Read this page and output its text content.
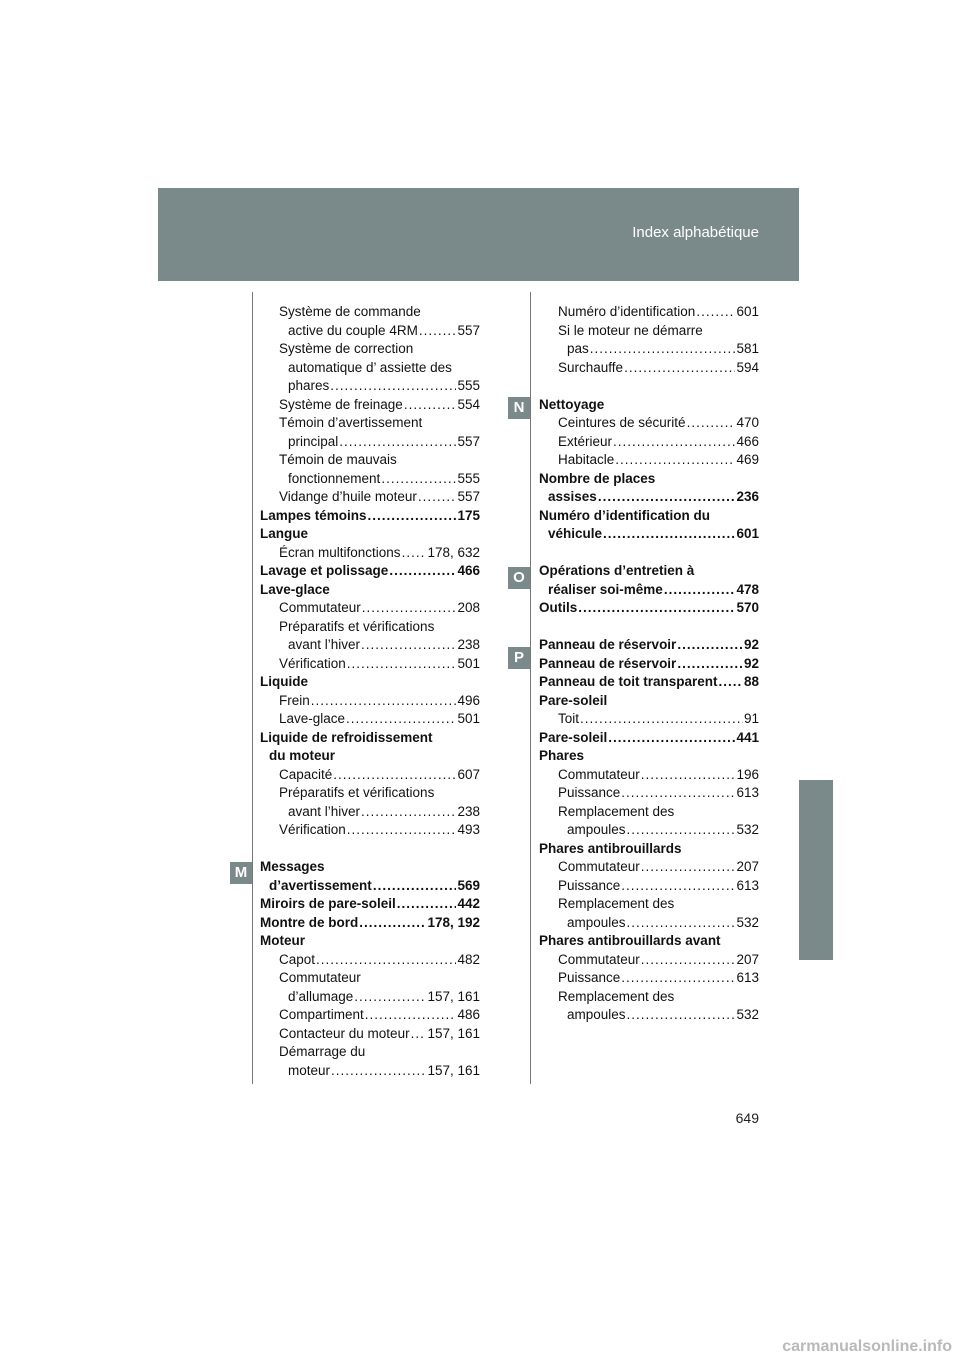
Index alphabétique
M
N
O
P
Système de commande
active du couple 4RM .....	557
Système de correction
automatique d’ assiette des
phares .....	555
Système de freinage .....	554
Témoin d’avertissement
principal .....	557
Témoin de mauvais
fonctionnement .....	555
Vidange d’huile moteur .....	557
Lampes témoins .....	175
Langue
Écran multifonctions ..... 178, 632
Lavage et polissage .....	466
Lave-glace
Commutateur .....	208
Préparatifs et vérifications
avant l’hiver .....	238
Vérification .....	501
Liquide
Frein .....	496
Lave-glace .....	501
Liquide de refroidissement
du moteur
Capacité .....	607
Préparatifs et vérifications
avant l’hiver .....	238
Vérification .....	493
Messages
d’avertissement .....	569
Miroirs de pare-soleil .....	442
Montre de bord .....	178, 192
Moteur
Capot .....	482
Commutateur
d’allumage .....	157, 161
Compartiment .....	486
Contacteur du moteur ..... 157, 161
Démarrage du
moteur .....	157, 161
Numéro d’identification .....	601
Si le moteur ne démarre
pas .....	581
Surchauffe .....	594
Nettoyage
Ceintures de sécurité .....	470
Extérieur .....	466
Habitacle .....	469
Nombre de places
assises .....	236
Numéro d’identification du
véhicule .....	601
Opérations d’entretien à
réaliser soi-même .....	478
Outils .....	570
Panneau de réservoir .....	92
Panneau de réservoir .....	92
Panneau de toit transparent ..... 88
Pare-soleil
Toit .....	91
Pare-soleil .....	441
Phares
Commutateur .....	196
Puissance .....	613
Remplacement des
ampoules .....	532
Phares antibrouillards
Commutateur .....	207
Puissance .....	613
Remplacement des
ampoules .....	532
Phares antibrouillards avant
Commutateur .....	207
Puissance .....	613
Remplacement des
ampoules .....	532
649
carmanualsonline.info
